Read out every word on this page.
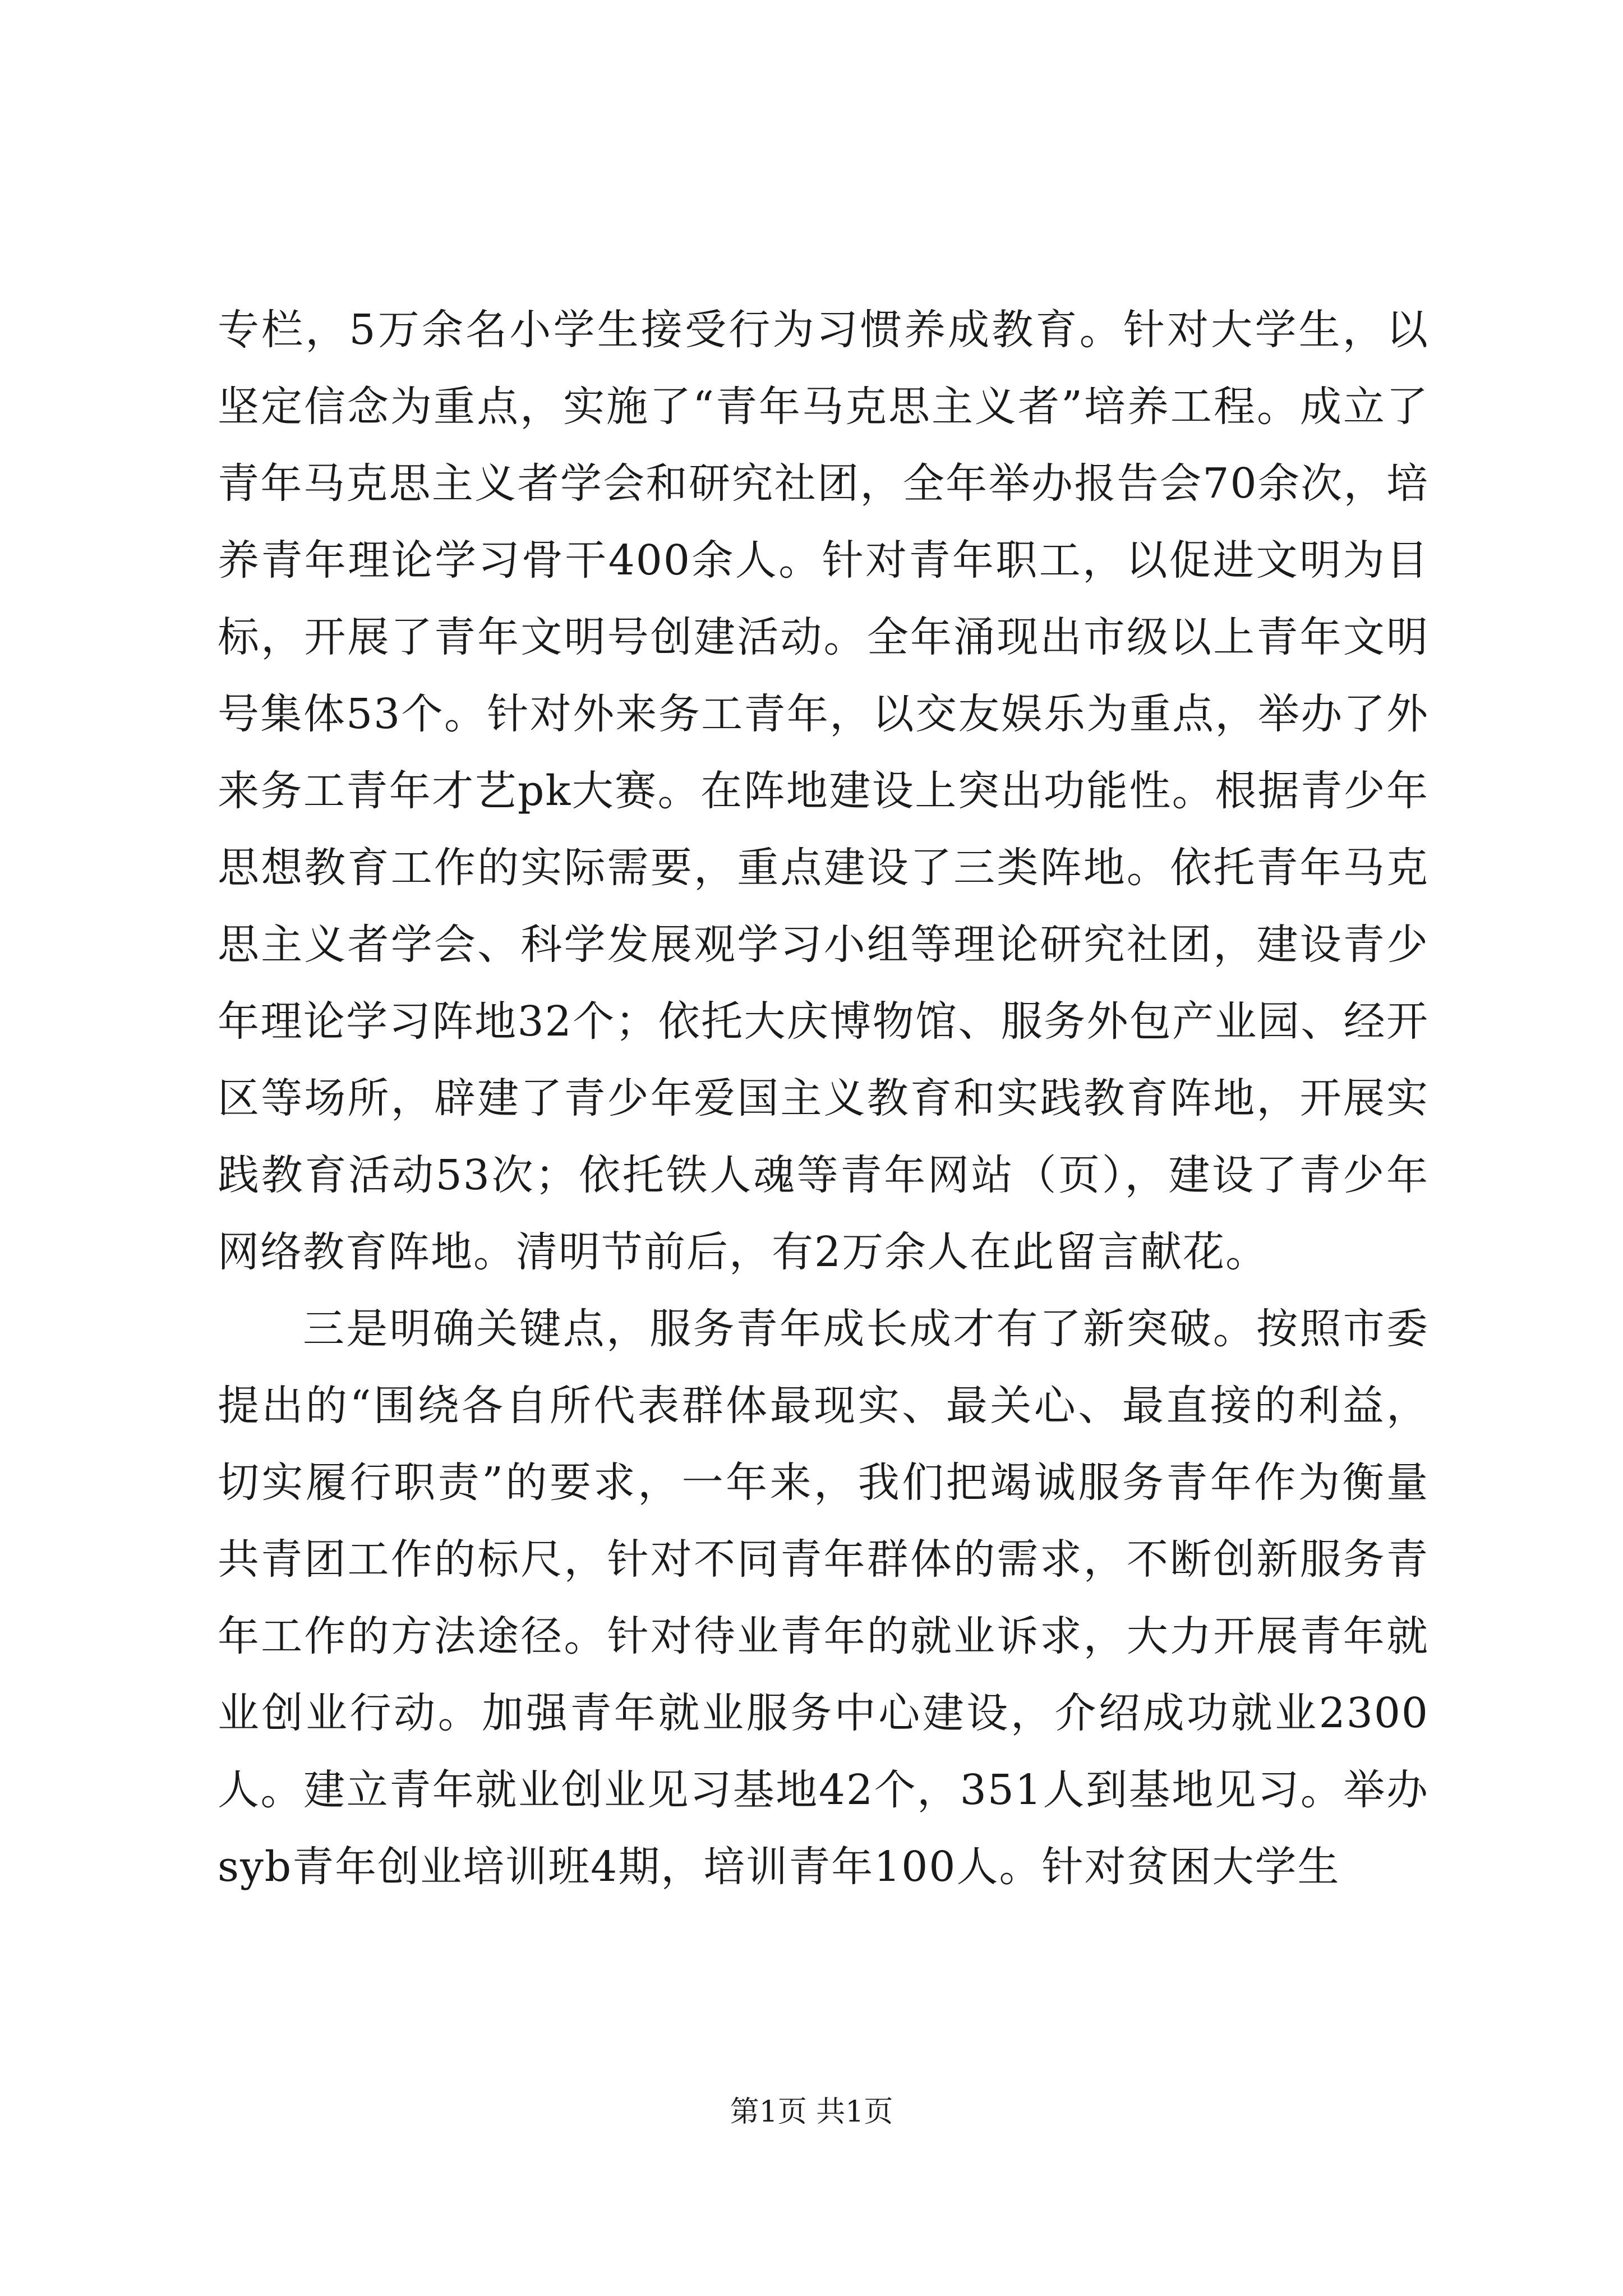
专栏，5万余名小学生接受行为习惯养成教育。针对大学生，以坚定信念为重点，实施了“青年马克思主义者”培养工程。成立了青年马克思主义者学会和研究社团，全年举办报告会70余次，培养青年理论学习骨干400余人。针对青年职工，以促进文明为目标，开展了青年文明号创建活动。全年涌现出市级以上青年文明号集体53个。针对外来务工青年，以交友娱乐为重点，举办了外来务工青年才艺pk大赛。在阵地建设上突出功能性。根据青少年思想教育工作的实际需要，重点建设了三类阵地。依托青年马克思主义者学会、科学发展观学习小组等理论研究社团，建设青少年理论学习阵地32个；依托大庆博物馆、服务外包产业园、经开区等场所，辟建了青少年爱国主义教育和实践教育阵地，开展实践教育活动53次；依托铁人魂等青年网站（页），建设了青少年网络教育阵地。清明节前后，有2万余人在此留言献花。

三是明确关键点，服务青年成长成才有了新突破。按照市委提出的“围绕各自所代表群体最现实、最关心、最直接的利益，切实履行职责”的要求，一年来，我们把竭诚服务青年作为衡量共青团工作的标尺，针对不同青年群体的需求，不断创新服务青年工作的方法途径。针对待业青年的就业诉求，大力开展青年就业创业行动。加强青年就业服务中心建设，介绍成功就业2300人。建立青年就业创业见习基地42个，351人到基地见习。举办syb青年创业培训班4期，培训青年100人。针对贫困大学生

第1页 共1页
